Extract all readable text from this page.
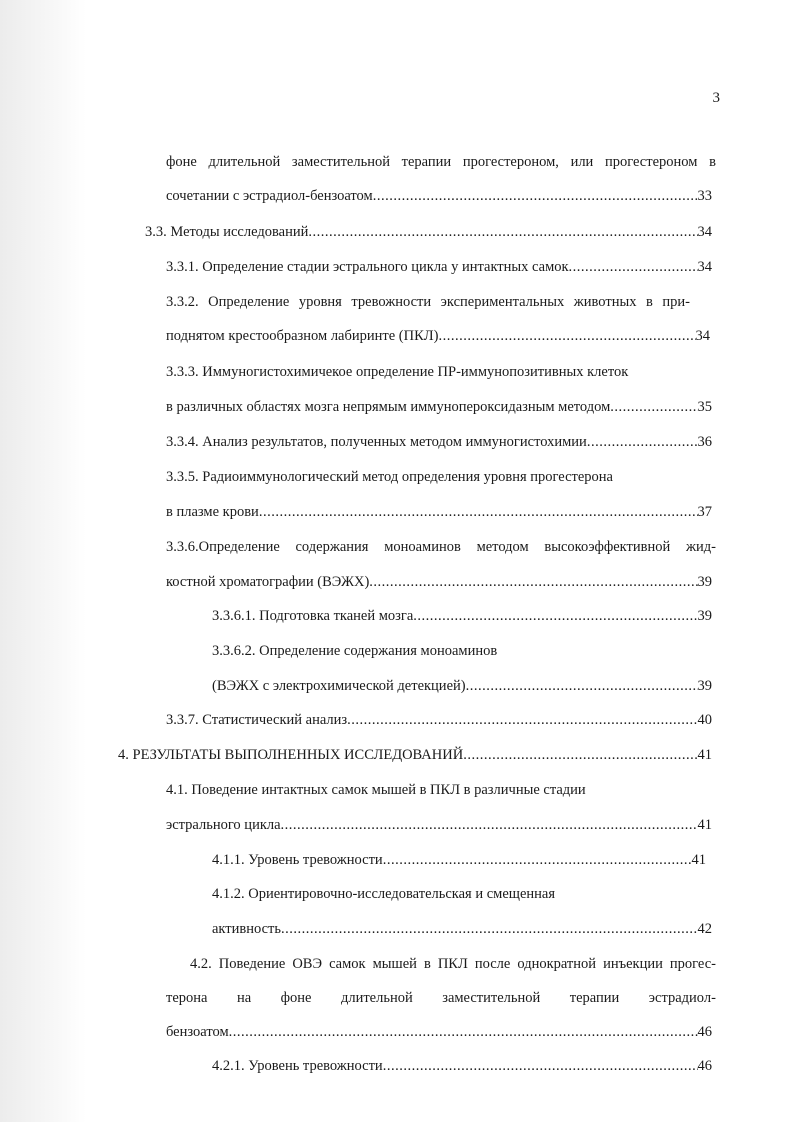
3
фоне длительной заместительной терапии прогестероном, или прогестероном в
сочетании с эстрадиол-бензоатом .....	33
3.3. Методы исследований .....	34
3.3.1. Определение стадии эстрального цикла у интактных самок .....	34
3.3.2. Определение уровня тревожности экспериментальных животных в при-
поднятом крестообразном лабиринте (ПКЛ) .....	34
3.3.3. Иммуногистохимичекое определение ПР-иммунопозитивных клеток
в различных областях мозга непрямым иммунопероксидазным методом .....	35
3.3.4. Анализ результатов, полученных методом иммуногистохимии .....	36
3.3.5. Радиоиммунологический метод определения уровня прогестерона
в плазме крови .....	37
3.3.6.Определение содержания моноаминов методом высокоэффективной жид-
костной хроматографии (ВЭЖХ) .....	39
3.3.6.1. Подготовка тканей мозга .....	39
3.3.6.2. Определение содержания моноаминов
(ВЭЖХ с электрохимической детекцией) .....	39
3.3.7. Статистический анализ .....	40
4. РЕЗУЛЬТАТЫ ВЫПОЛНЕННЫХ ИССЛЕДОВАНИЙ .....	41
4.1. Поведение интактных самок мышей в ПКЛ в различные стадии
эстрального цикла .....	41
4.1.1. Уровень тревожности .....	41
4.1.2. Ориентировочно-исследовательская и смещенная
активность .....	42
4.2. Поведение ОВЭ самок мышей в ПКЛ после однократной инъекции прогес-
терона на фоне длительной заместительной терапии эстрадиол-
бензоатом .....	46
4.2.1. Уровень тревожности .....	46
